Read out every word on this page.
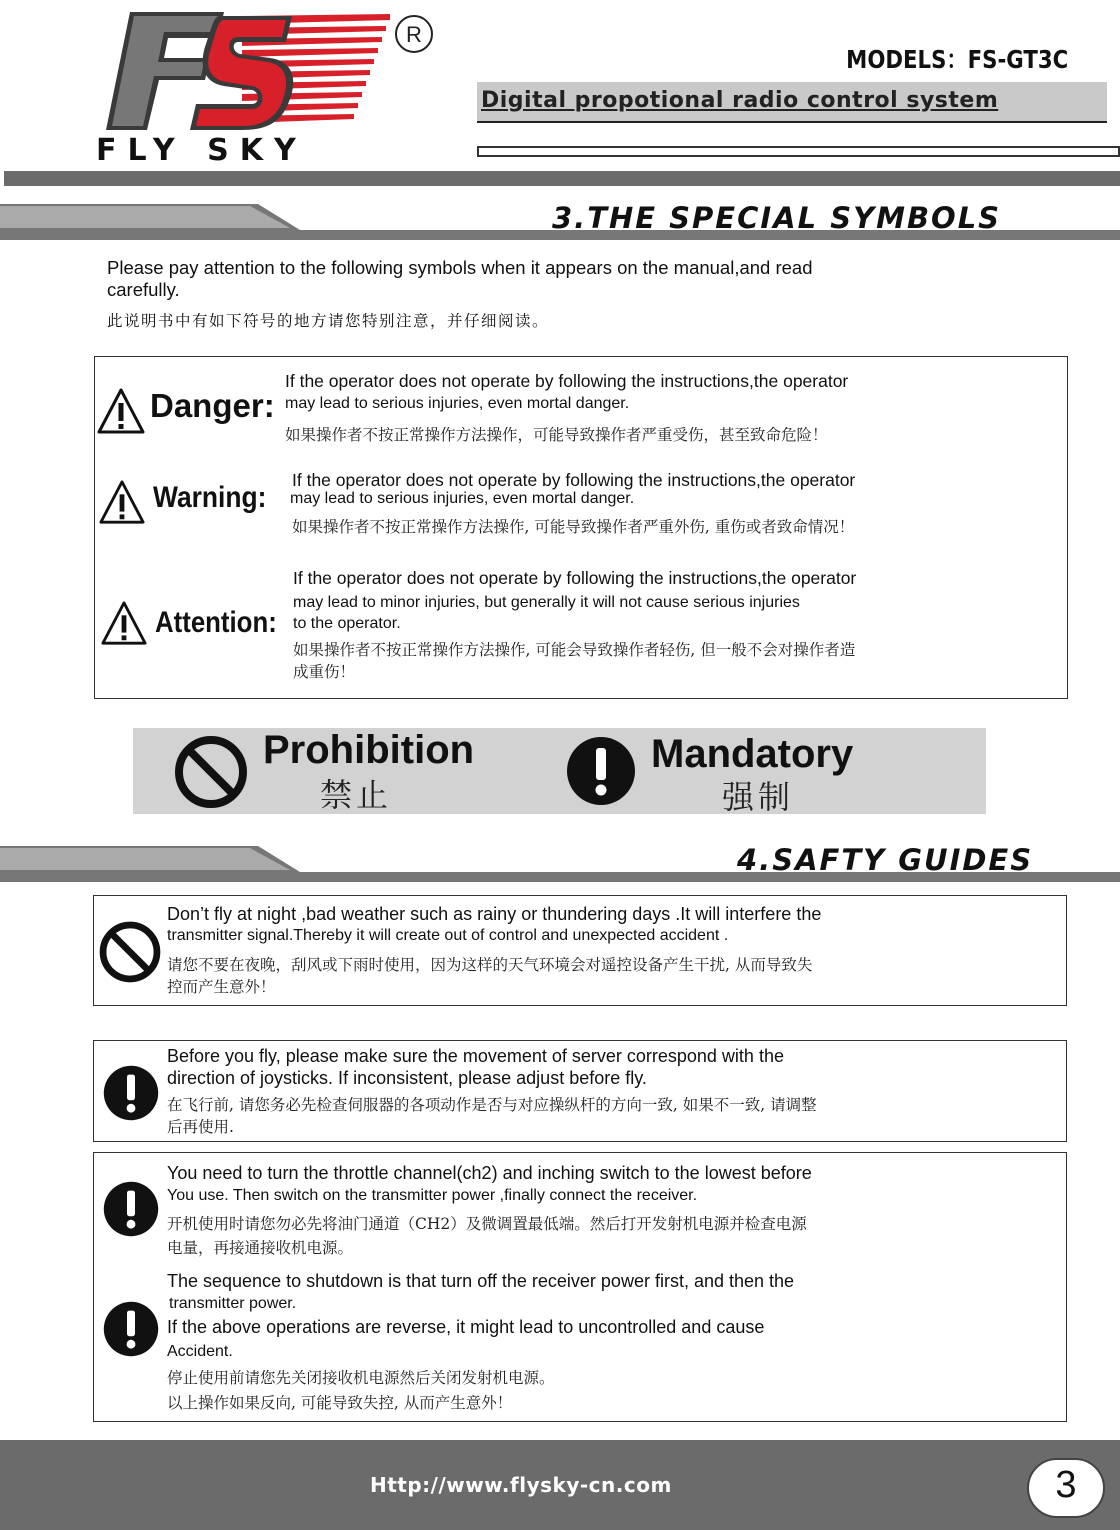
R
FLY SKY
MODELS：FS-GT3C
Digital propotional radio control system
3.THE SPECIAL SYMBOLS
Please pay attention to the following symbols when it appears on the manual,and read
carefully.
此说明书中有如下符号的地方请您特别注意，并仔细阅读。
Danger:
If the operator does not operate by following the instructions,the operator
may lead to serious injuries, even mortal danger.
如果操作者不按正常操作方法操作，可能导致操作者严重受伤，甚至致命危险！
Warning:
If the operator does not operate by following the instructions,the operator
may lead to serious injuries, even mortal danger.
如果操作者不按正常操作方法操作, 可能导致操作者严重外伤, 重伤或者致命情况！
Attention:
If the operator does not operate by following the instructions,the operator
may lead to minor injuries, but generally it will not cause serious injuries
to the operator.
如果操作者不按正常操作方法操作, 可能会导致操作者轻伤, 但一般不会对操作者造
成重伤！
Prohibition
禁止
Mandatory
强制
4.SAFTY GUIDES
Don’t fly at night ,bad weather such as rainy or thundering days .It will interfere the
transmitter signal.Thereby it will create out of control and unexpected accident .
请您不要在夜晚，刮风或下雨时使用，因为这样的天气环境会对遥控设备产生干扰, 从而导致失
控而产生意外！
Before you fly, please make sure the movement of server correspond with the
direction of joysticks. If inconsistent, please adjust before fly.
在飞行前, 请您务必先检查伺服器的各项动作是否与对应操纵杆的方向一致, 如果不一致, 请调整
后再使用.
You need to turn the throttle channel(ch2) and inching switch to the lowest before
You use. Then switch on the transmitter power ,finally connect the receiver.
开机使用时请您勿必先将油门通道（CH2）及微调置最低端。然后打开发射机电源并检查电源
电量，再接通接收机电源。
The sequence to shutdown is that turn off the receiver power first, and then the
transmitter power.
If the above operations are reverse, it might lead to uncontrolled and cause
Accident.
停止使用前请您先关闭接收机电源然后关闭发射机电源。
以上操作如果反向, 可能导致失控, 从而产生意外！
Http://www.flysky-cn.com	3
